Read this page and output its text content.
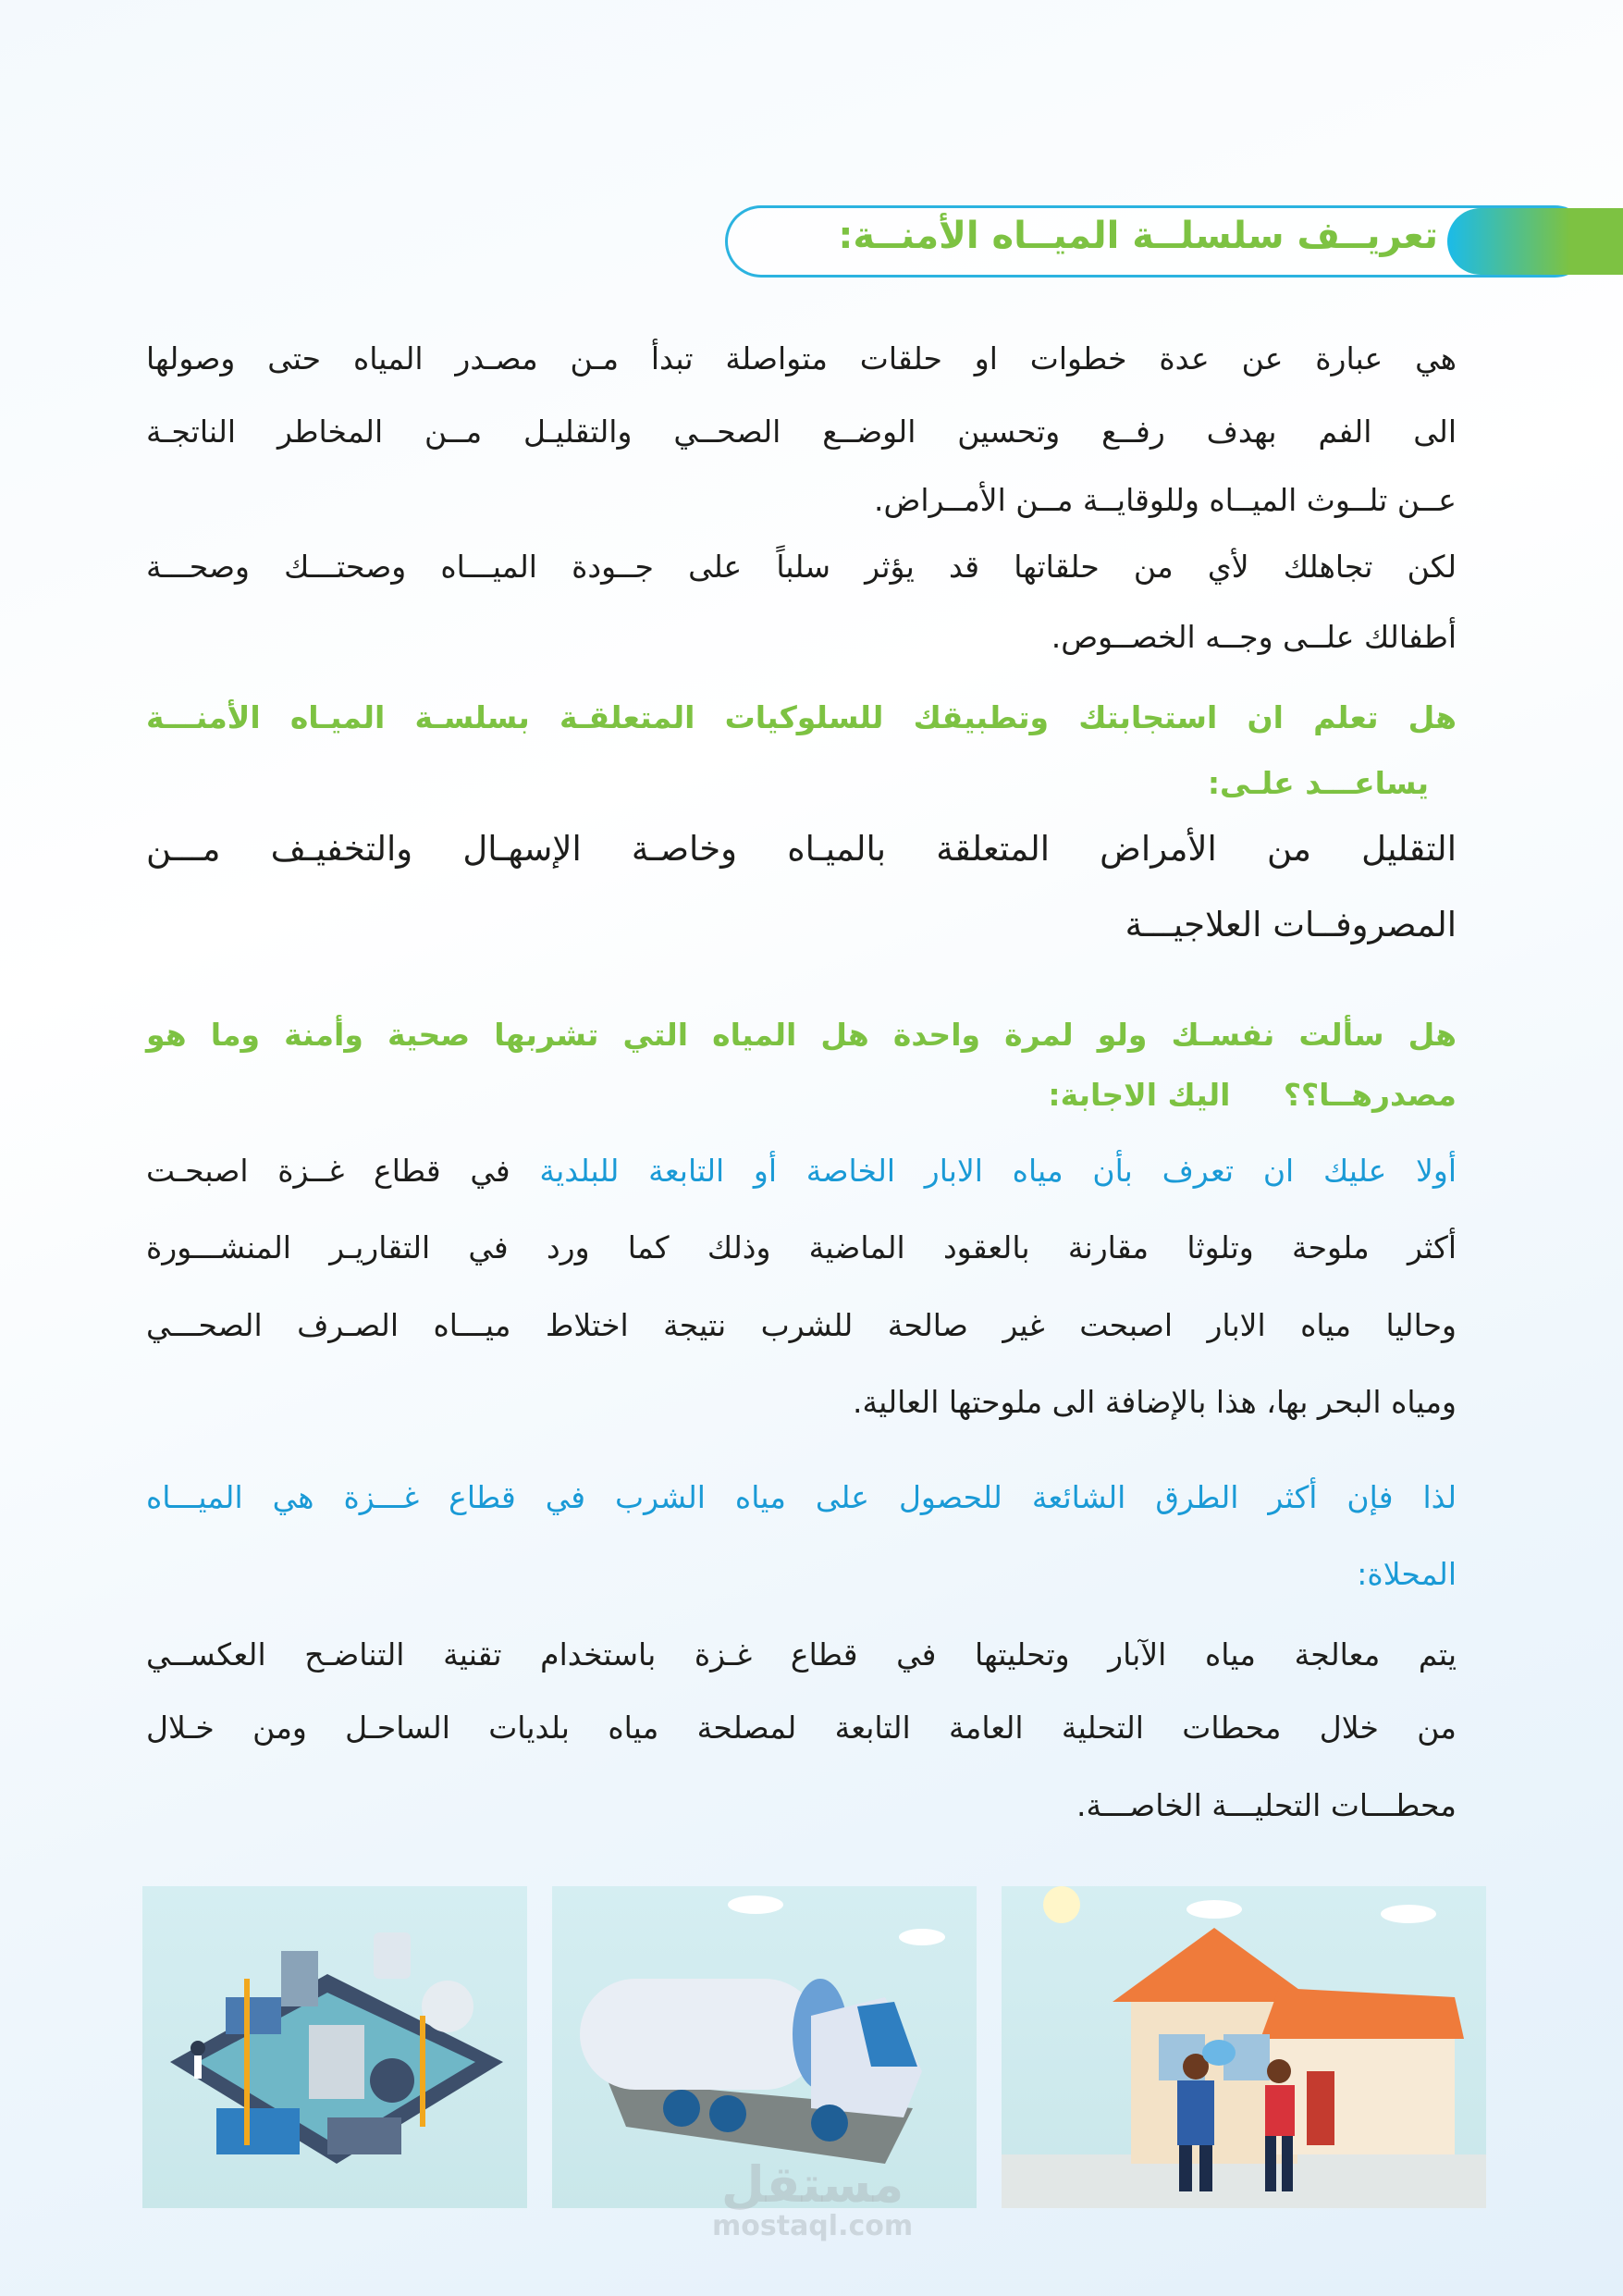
تعريــف سلسلــة الميــاه الأمنــة:
هي عبارة عن عدة خطوات او حلقات متواصلة تبدأ مـن مصـدر المياه حتى وصولها
الى الفم بهدف رفــع وتحسين الوضــع الصحــي والتقليـل مــن المخاطر الناتجـة
عــن تلــوث الميــاه وللوقايــة مــن الأمــراض.
لكن تجاهلك لأي من حلقاتها قد يؤثر سلباً على جــودة الميـــاه وصحتـــك وصحـــة
أطفالك علــى وجــه الخصــوص.
هل تعلم ان استجابتك وتطبيقك للسلوكيات المتعلقـة بسلسـة الميـاه الأمنـــة
يساعـــد علـى:
التقليل من الأمراض المتعلقة بالميـاه وخاصـة الإسهـال والتخفيـف مـــن
المصروفــات العلاجيـــة
هل سألت نفسـك ولو لمرة واحدة هل المياه التي تشربها صحية وأمنة وما هو
مصدرهــا؟؟     اليك الاجابة:
أولا عليك ان تعرف بأن مياه الابار الخاصة أو التابعة للبلدية في قطاع غــزة اصبحـت
أكثر ملوحة وتلوثا مقارنة بالعقود الماضية وذلك كما ورد في التقاريـر المنشـــورة
وحاليا مياه الابار اصبحت غير صالحة للشرب نتيجة اختلاط ميـــاه الصـرف الصحـــي
ومياه البحر بها، هذا بالإضافة الى ملوحتها العالية.
لذا فإن أكثر الطرق الشائعة للحصول على مياه الشرب في قطاع غـــزة هي الميـــاه
المحلاة:
يتم معالجة مياه الآبار وتحليتها في قطاع غـزة باستخدام تقنية التناضـح العكســي
من خلال محطات التحلية العامة التابعة لمصلحة مياه بلديات الساحـل ومن خـلال
محطـــات التحليـــة الخاصـــة.
مستقل
mostaql.com
